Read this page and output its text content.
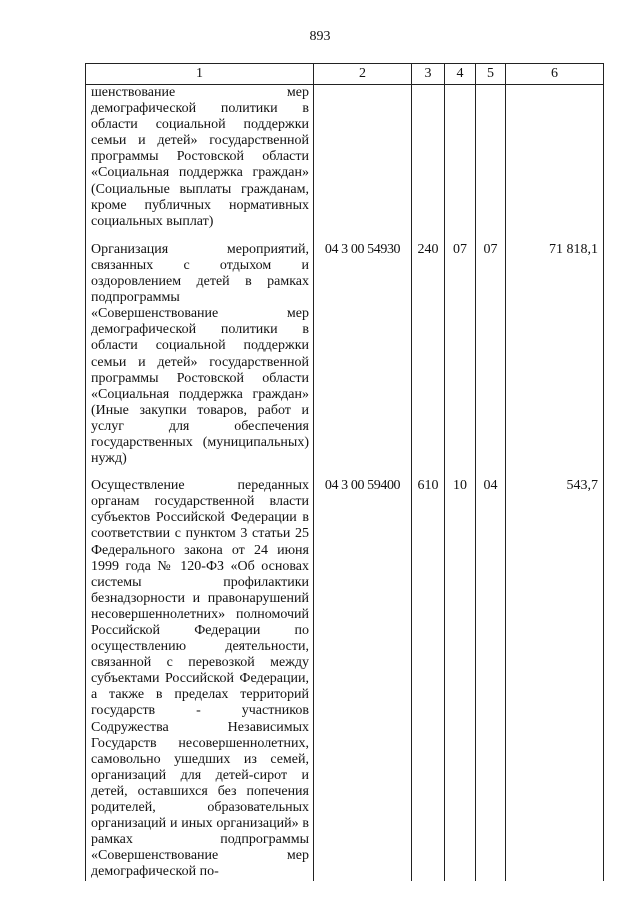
893
1	2	3	4	5	6
шенствование мер демографической политики в области социальной поддержки семьи и детей» государственной программы Ростовской области «Социальная поддержка граждан» (Социальные выплаты гражданам, кроме публичных нормативных социальных выплат)					
Организация мероприятий, связанных с отдыхом и оздоровлением детей в рамках подпрограммы «Совершенствование мер демографической политики в области социальной поддержки семьи и детей» государственной программы Ростовской области «Социальная поддержка граждан» (Иные закупки товаров, работ и услуг для обеспечения государственных (муниципальных) нужд)	04 3 00 54930	240	07	07	71 818,1
Осуществление переданных органам государственной власти субъектов Российской Федерации в соответствии с пунктом 3 статьи 25 Федерального закона от 24 июня 1999 года № 120-ФЗ «Об основах системы профилактики безнадзорности и правонарушений несовершеннолетних» полномочий Российской Федерации по осуществлению деятельности, связанной с перевозкой между субъектами Российской Федерации, а также в пределах территорий государств - участников Содружества Независимых Государств несовершеннолетних, самовольно ушедших из семей, организаций для детей-сирот и детей, оставшихся без попечения родителей, образовательных организаций и иных организаций» в рамках подпрограммы «Совершенствование мер демографической по-	04 3 00 59400	610	10	04	543,7
